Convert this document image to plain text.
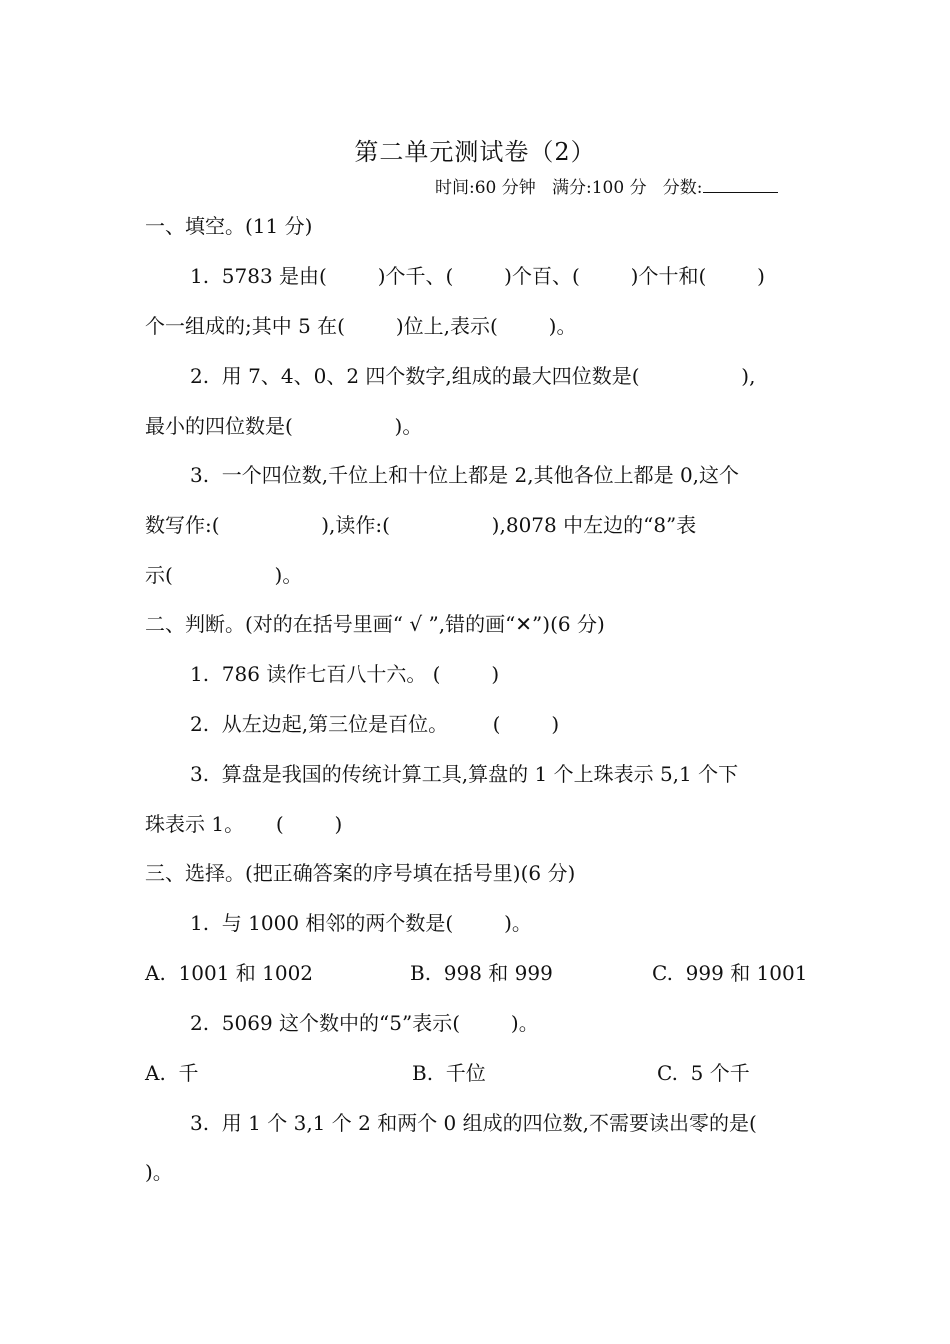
第二单元测试卷（2）
时间:60 分钟 满分:100 分 分数:
一、填空。(11 分)
1.  5783 是由(        )个千、(        )个百、(        )个十和(        )
个一组成的;其中 5 在(        )位上,表示(        )。
2.  用 7、4、0、2 四个数字,组成的最大四位数是(                ),
最小的四位数是(                )。
3.  一个四位数,千位上和十位上都是 2,其他各位上都是 0,这个
数写作:(                ),读作:(                ),8078 中左边的“8”表
示(                )。
二、判断。(对的在括号里画“ √ ”,错的画“✕”)(6 分)
1.  786 读作七百八十六。 (        )
2.  从左边起,第三位是百位。       (        )
3.  算盘是我国的传统计算工具,算盘的 1 个上珠表示 5,1 个下
珠表示 1。     (        )
三、选择。(把正确答案的序号填在括号里)(6 分)
1.  与 1000 相邻的两个数是(        )。
A.  1001 和 1002	B.  998 和 999	C.  999 和 1001
2.  5069 这个数中的“5”表示(        )。
A.  千	B.  千位	C.  5 个千
3.  用 1 个 3,1 个 2 和两个 0 组成的四位数,不需要读出零的是(
)。
